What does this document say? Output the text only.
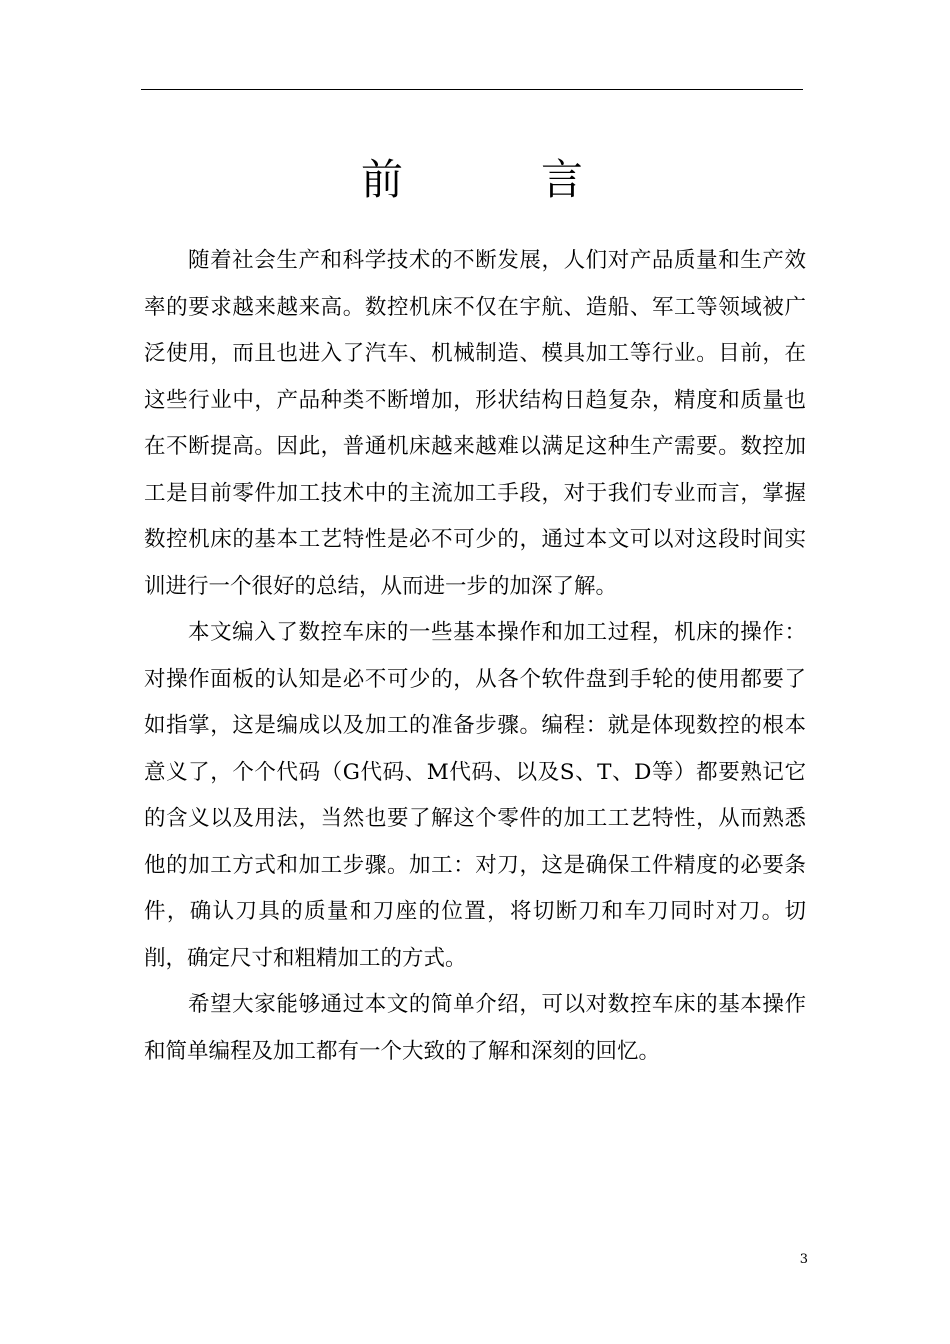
前　言

随着社会生产和科学技术的不断发展，人们对产品质量和生产效率的要求越来越来高。数控机床不仅在宇航、造船、军工等领域被广泛使用，而且也进入了汽车、机械制造、模具加工等行业。目前，在这些行业中，产品种类不断增加，形状结构日趋复杂，精度和质量也在不断提高。因此，普通机床越来越难以满足这种生产需要。数控加工是目前零件加工技术中的主流加工手段，对于我们专业而言，掌握数控机床的基本工艺特性是必不可少的，通过本文可以对这段时间实训进行一个很好的总结，从而进一步的加深了解。

本文编入了数控车床的一些基本操作和加工过程，机床的操作：对操作面板的认知是必不可少的，从各个软件盘到手轮的使用都要了如指掌，这是编成以及加工的准备步骤。编程：就是体现数控的根本意义了，个个代码（G代码、M代码、以及S、T、D等）都要熟记它的含义以及用法，当然也要了解这个零件的加工工艺特性，从而熟悉他的加工方式和加工步骤。加工：对刀，这是确保工件精度的必要条件，确认刀具的质量和刀座的位置，将切断刀和车刀同时对刀。切削，确定尺寸和粗精加工的方式。

希望大家能够通过本文的简单介绍，可以对数控车床的基本操作和简单编程及加工都有一个大致的了解和深刻的回忆。

3
